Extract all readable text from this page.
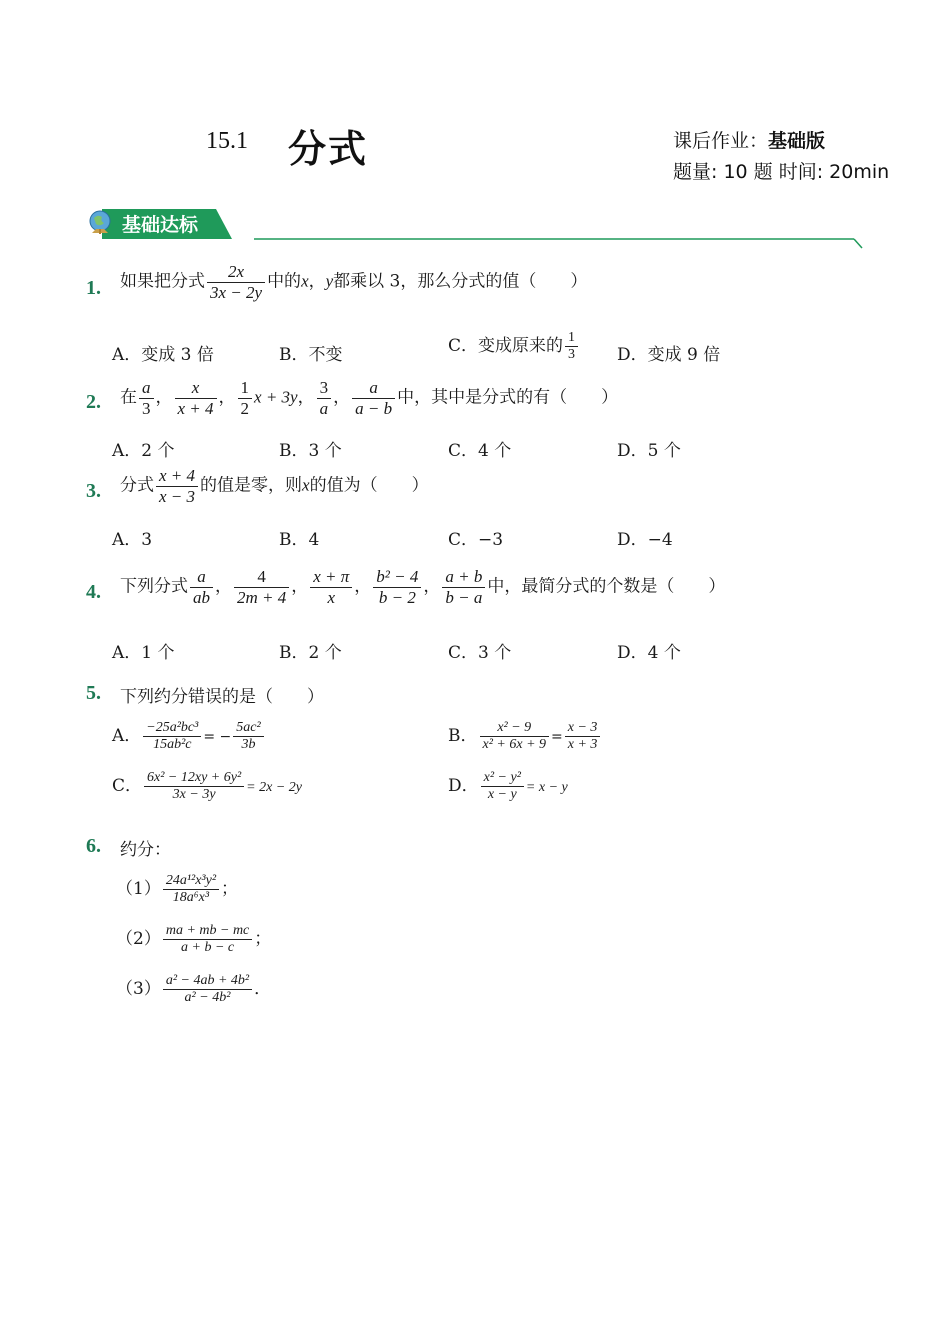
15.1 分式	课后作业：基础版
题量: 10 题 时间: 20min
基础达标
1. 如果把分式 $\frac{2x}{3x - 2y}$ 中的x，y都乘以 3，那么分式的值（　　）
A．变成 3 倍	B．不变	C．变成原来的 $\frac{1}{3}$ D．变成 9 倍
2. 在 $\frac{a}{3}$ ， $\frac{x}{x + 4}$ ， $\frac{1}{2}$ x + 3y， $\frac{3}{a}$ ， $\frac{a}{a - b}$ 中，其中是分式的有（　　）
A．2 个	B．3 个	C．4 个	D．5 个
3. 分式 $\frac{x + 4}{x - 3}$ 的值是零，则x的值为（　　）
A．3	B．4	C．−3	D．−4
4. 下列分式 $\frac{a}{ab}$ ， $\frac{4}{2m + 4}$ ， $\frac{x + \pi}{x}$ ， $\frac{\text{b² − 4}}{b - 2}$ ， $\frac{a + b}{b - a}$ 中，最简分式的个数是（　　）
A．1 个	B．2 个	C．3 个	D．4 个
5. 下列约分错误的是（　　）
A． $\frac{\text{−25a²bc³}}{\text{15ab²c}}$ = − $\frac{\text{5ac²}}{3b}$	B． $\frac{\text{x² − 9}}{\text{x² + 6x + 9}} = \frac{x - 3}{x + 3}$
C． $\frac{\text{6x² − 12xy + 6y²}}{3x - 3y} = 2x - 2y$	D． $\frac{\text{x² − y²}}{x - y} = x - y$
6. 约分：
$(1) \frac{\text{24a¹²x³y²}}{\text{18a⁶x³}}$ ；
$(2) \frac{ma + mb - mc}{a + b - c}$ ；
$(3) \frac{\text{a² − 4ab + 4b²}}{\text{a² − 4b²}}$ ．
